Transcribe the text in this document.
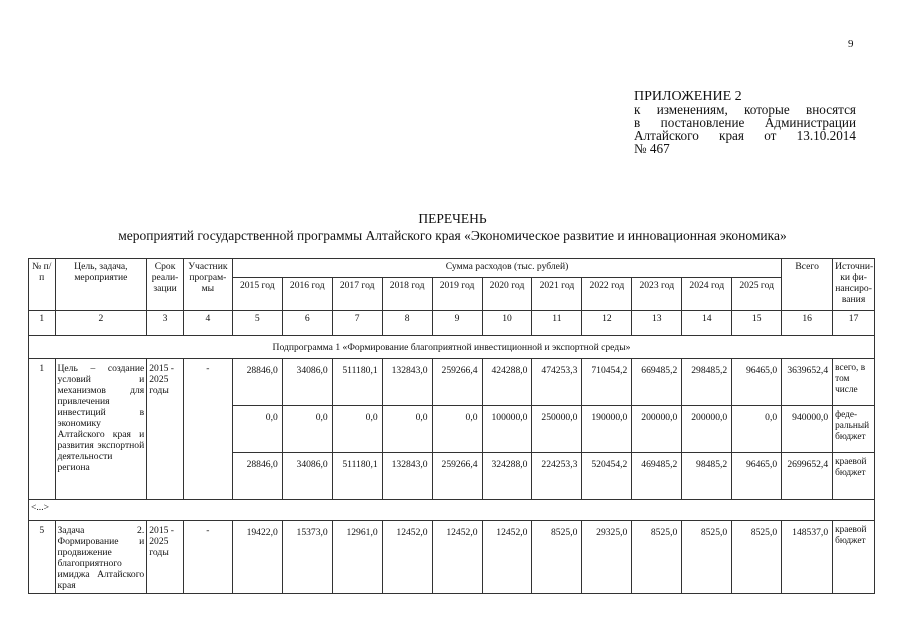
9
ПРИЛОЖЕНИЕ 2
к изменениям, которые вносятся
в постановление Администрации
Алтайского края от 13.10.2014
№ 467
ПЕРЕЧЕНЬ
мероприятий государственной программы Алтайского края «Экономическое развитие и инновационная экономика»
№ п/п	Цель, задача, мероприятие	Срок реали-зации	Участник програм-мы	Сумма расходов (тыс. рублей)											Всего	Источни-ки фи-нансиро-вания
				2015 год	2016 год	2017 год	2018 год	2019 год	2020 год	2021 год	2022 год	2023 год	2024 год	2025 год		
1	2	3	4	5	6	7	8	9	10	11	12	13	14	15	16	17
Подпрограмма 1 «Формирование благоприятной инвестиционной и экспортной среды»																
1	Цель – создание условий и механизмов для привлечения инвестиций в экономику Алтайского края и развития экспортной деятельности региона	2015 - 2025 годы	-	28846,0	34086,0	511180,1	132843,0	259266,4	424288,0	474253,3	710454,2	669485,2	298485,2	96465,0	3639652,4	всего, в том числе
				0,0	0,0	0,0	0,0	0,0	100000,0	250000,0	190000,0	200000,0	200000,0	0,0	940000,0	феде-ральный бюджет
				28846,0	34086,0	511180,1	132843,0	259266,4	324288,0	224253,3	520454,2	469485,2	98485,2	96465,0	2699652,4	краевой бюджет
<...>																
5	Задача 2. Формирование и продвижение благоприятного имиджа Алтайского края	2015 - 2025 годы	-	19422,0	15373,0	12961,0	12452,0	12452,0	12452,0	8525,0	29325,0	8525,0	8525,0	8525,0	148537,0	краевой бюджет
